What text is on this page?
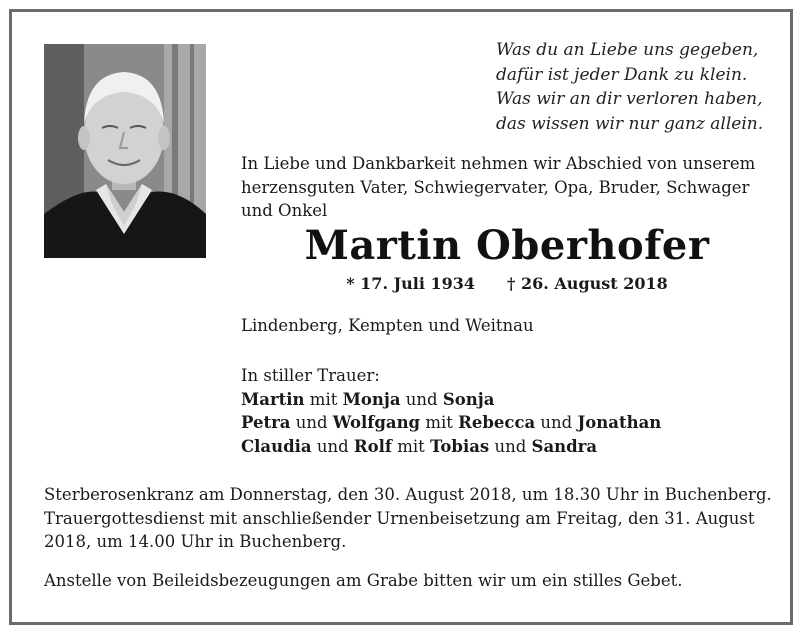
Was du an Liebe uns gegeben,
dafür ist jeder Dank zu klein.
Was wir an dir verloren haben,
das wissen wir nur ganz allein.
In Liebe und Dankbarkeit nehmen wir Abschied von unserem
herzensguten Vater, Schwiegervater, Opa, Bruder, Schwager
und Onkel
Martin Oberhofer
* 17. Juli 1934 † 26. August 2018
Lindenberg, Kempten und Weitnau
In stiller Trauer:
Martin mit Monja und Sonja
Petra und Wolfgang mit Rebecca und Jonathan
Claudia und Rolf mit Tobias und Sandra
Sterberosenkranz am Donnerstag, den 30. August 2018, um 18.30 Uhr in Buchenberg.
Trauergottesdienst mit anschließender Urnenbeisetzung am Freitag, den 31. August
2018, um 14.00 Uhr in Buchenberg.
Anstelle von Beileidsbezeugungen am Grabe bitten wir um ein stilles Gebet.
